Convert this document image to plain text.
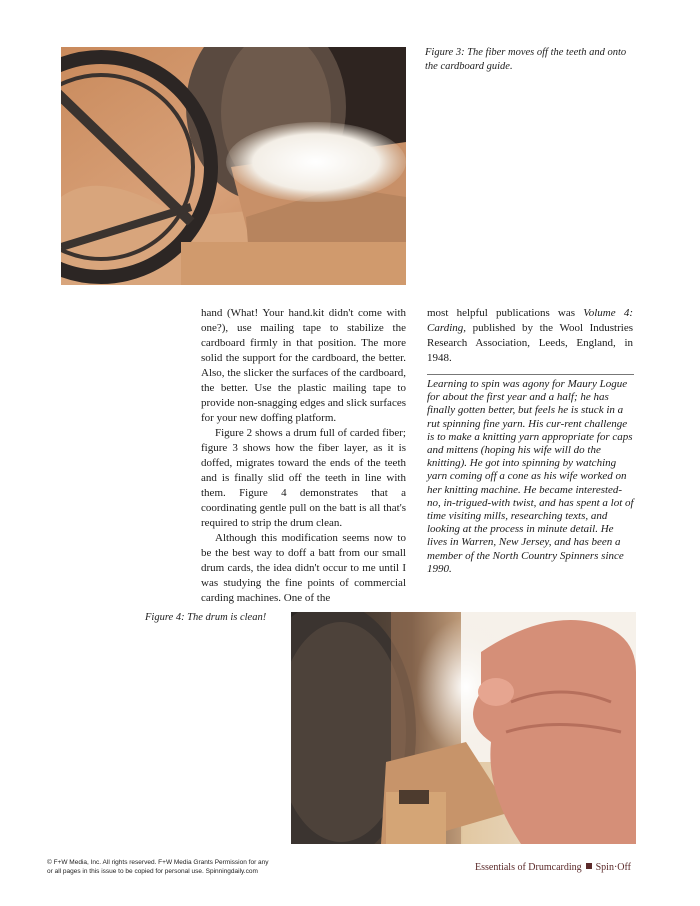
Figure 3: The fiber moves off the teeth and onto the cardboard guide.

hand (What! Your hand.kit didn't come with one?), use mailing tape to stabilize the cardboard firmly in that position. The more solid the support for the cardboard, the better. Also, the slicker the surfaces of the cardboard, the better. Use the plastic mailing tape to provide non-snagging edges and slick surfaces for your new doffing platform.

Figure 2 shows a drum full of carded fiber; figure 3 shows how the fiber layer, as it is doffed, migrates toward the ends of the teeth and is finally slid off the teeth in line with them. Figure 4 demonstrates that a coordinating gentle pull on the batt is all that's required to strip the drum clean.

Although this modification seems now to be the best way to doff a batt from our small drum cards, the idea didn't occur to me until I was studying the fine points of commercial carding machines. One of the

most helpful publications was Volume 4: Carding, published by the Wool Industries Research Association, Leeds, England, in 1948.

Learning to spin was agony for Maury Logue for about the first year and a half; he has finally gotten better, but feels he is stuck in a rut spinning fine yarn. His cur-rent challenge is to make a knitting yarn appropriate for caps and mittens (hoping his wife will do the knitting). He got into spinning by watching yarn coming off a cone as his wife worked on her knitting machine. He became interested-no, in-trigued-with twist, and has spent a lot of time visiting mills, researching texts, and looking at the process in minute detail. He lives in Warren, New Jersey, and has been a member of the North Country Spinners since 1990.
Figure 4: The drum is clean!
© F+W Media, Inc. All rights reserved. F+W Media Grants Permission for any
or all pages in this issue to be copied for personal use. Spinningdaily.com	Essentials of Drumcarding Spin·Off
